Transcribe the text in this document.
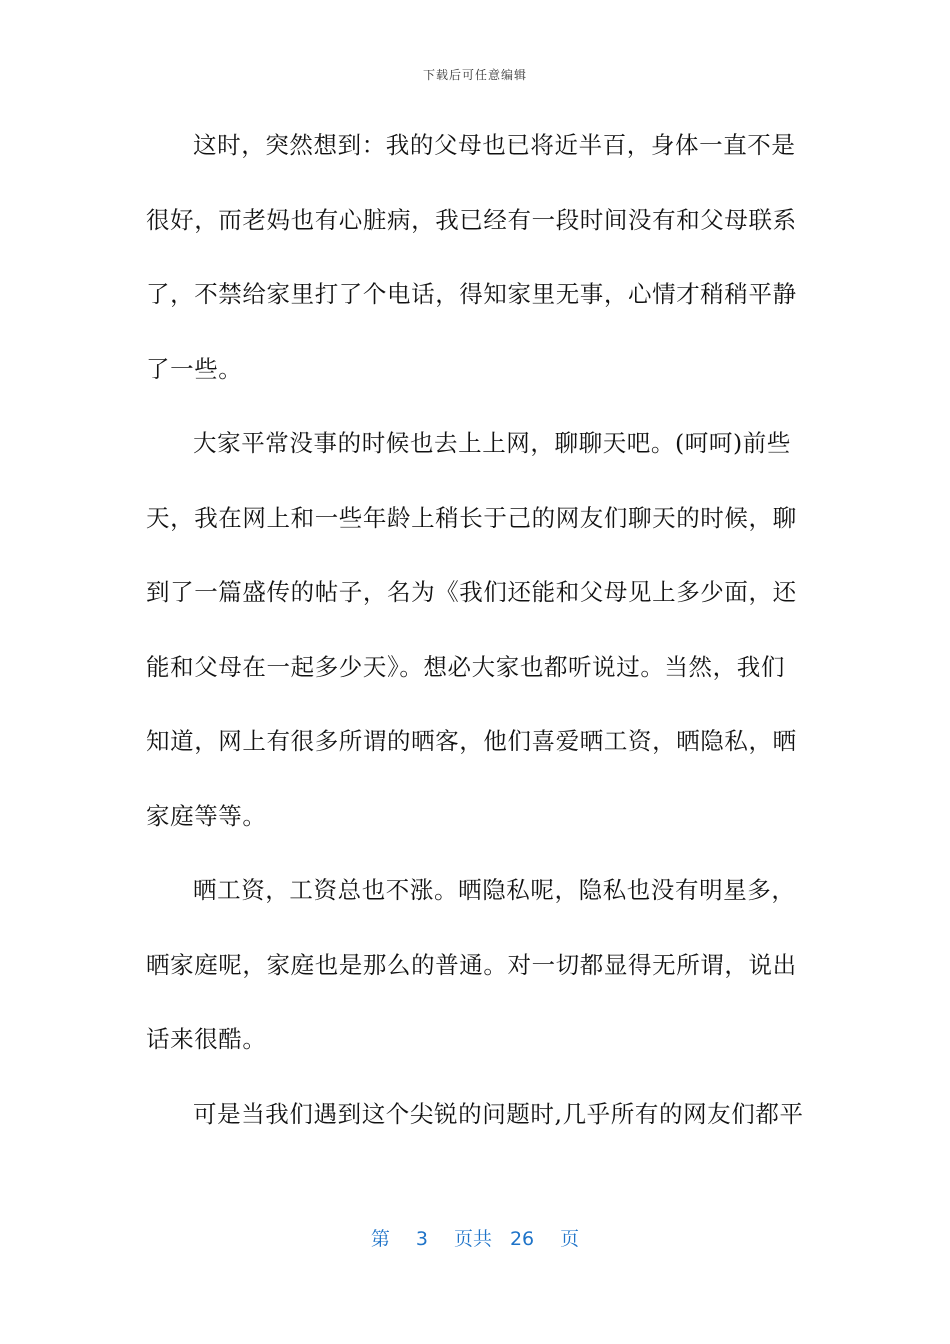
下载后可任意编辑
这时，突然想到：我的父母也已将近半百，身体一直不是
很好，而老妈也有心脏病，我已经有一段时间没有和父母联系
了，不禁给家里打了个电话，得知家里无事，心情才稍稍平静
了一些。
大家平常没事的时候也去上上网，聊聊天吧。(呵呵)前些
天，我在网上和一些年龄上稍长于己的网友们聊天的时候，聊
到了一篇盛传的帖子，名为《我们还能和父母见上多少面，还
能和父母在一起多少天》。想必大家也都听说过。当然，我们
知道，网上有很多所谓的晒客，他们喜爱晒工资，晒隐私，晒
家庭等等。
晒工资，工资总也不涨。晒隐私呢，隐私也没有明星多，
晒家庭呢，家庭也是那么的普通。对一切都显得无所谓，说出
话来很酷。
可是当我们遇到这个尖锐的问题时,几乎所有的网友们都平
第 3 页共 26 页
